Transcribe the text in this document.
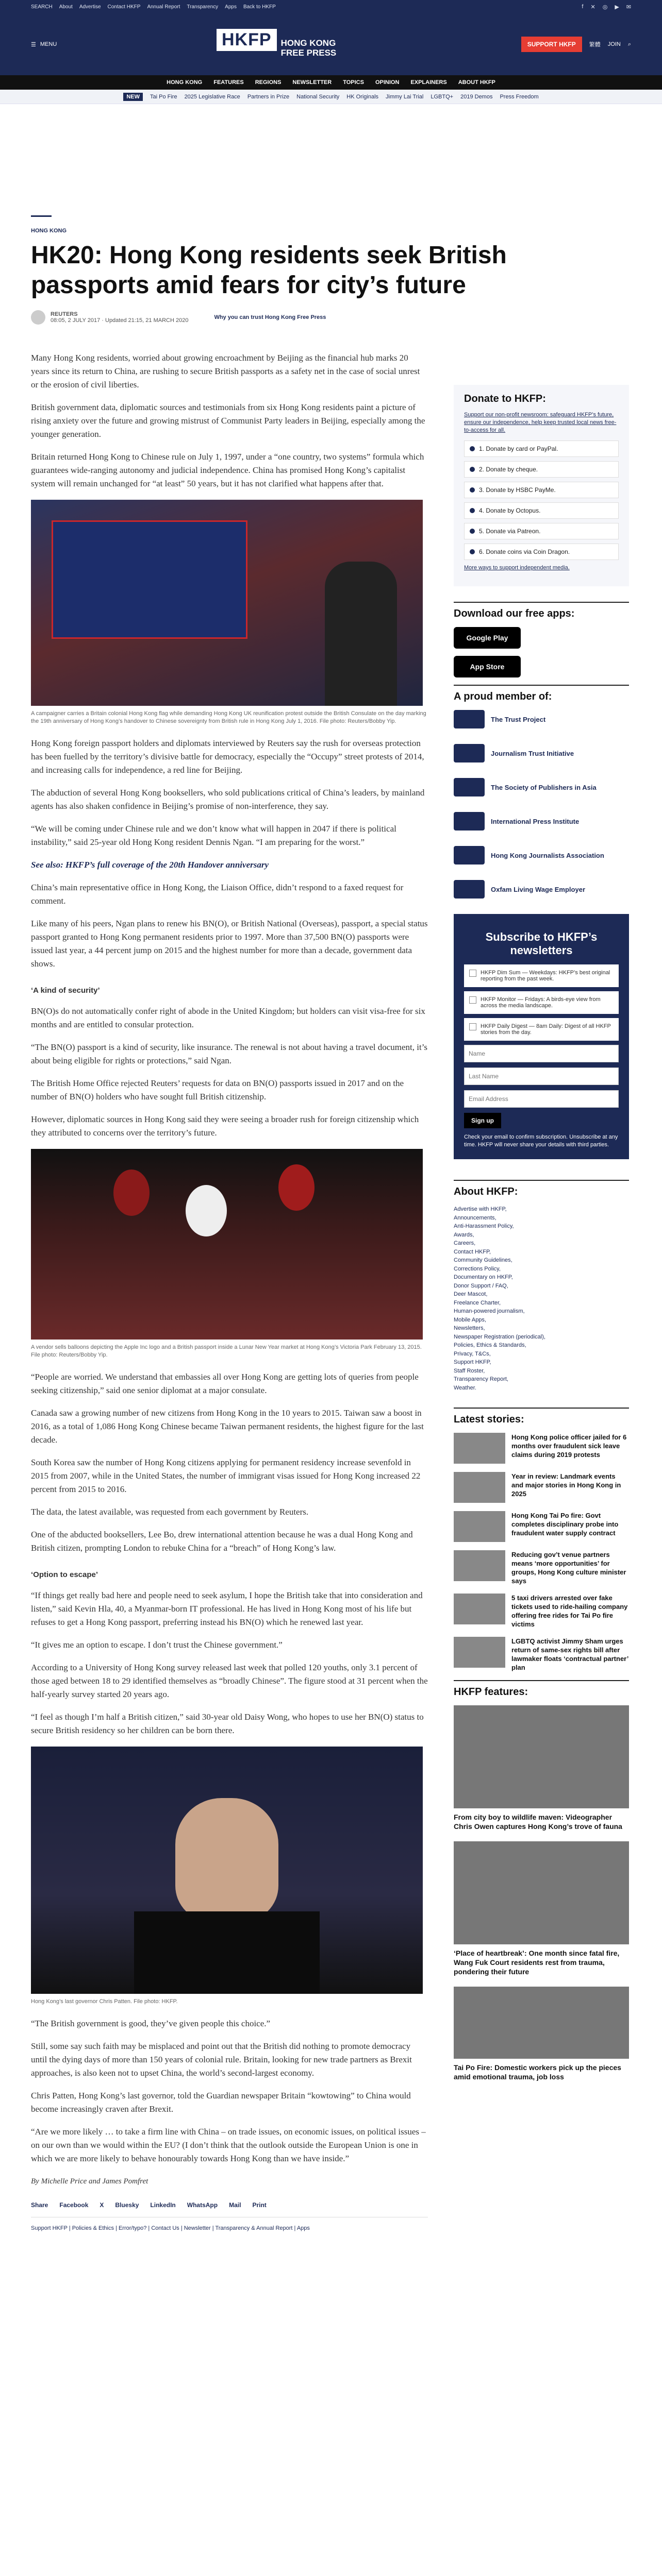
SEARCH About Advertise Contact HKFP Annual Report Transparency Apps Back to HKFP	f ✕ ◎ ▶ ✉
☰ MENU	HKFP	HONG KONG
FREE PRESS
SUPPORT HKFP	繁體 JOIN ⌕
HONG KONG FEATURES REGIONS NEWSLETTER TOPICS OPINION EXPLAINERS ABOUT HKFP
NEW	Tai Po Fire 2025 Legislative Race Partners in Prize National Security HK Originals Jimmy Lai Trial LGBTQ+ 2019 Demos Press Freedom
HONG KONG
HK20: Hong Kong residents seek British passports amid fears for city’s future
REUTERS
08:05, 2 JULY 2017 · Updated 21:15, 21 MARCH 2020	Why you can trust Hong Kong Free Press

Many Hong Kong residents, worried about growing encroachment by Beijing as the financial hub marks 20 years since its return to China, are rushing to secure British passports as a safety net in the case of social unrest or the erosion of civil liberties.

British government data, diplomatic sources and testimonials from six Hong Kong residents paint a picture of rising anxiety over the future and growing mistrust of Communist Party leaders in Beijing, especially among the younger generation.

Britain returned Hong Kong to Chinese rule on July 1, 1997, under a “one country, two systems” formula which guarantees wide-ranging autonomy and judicial independence. China has promised Hong Kong’s capitalist system will remain unchanged for “at least” 50 years, but it has not clarified what happens after that.

A campaigner carries a Britain colonial Hong Kong flag while demanding Hong Kong UK reunification protest outside the British Consulate on the day marking the 19th anniversary of Hong Kong’s handover to Chinese sovereignty from British rule in Hong Kong July 1, 2016. File photo: Reuters/Bobby Yip.

Hong Kong foreign passport holders and diplomats interviewed by Reuters say the rush for overseas protection has been fuelled by the territory’s divisive battle for democracy, especially the “Occupy” street protests of 2014, and increasing calls for independence, a red line for Beijing.

The abduction of several Hong Kong booksellers, who sold publications critical of China’s leaders, by mainland agents has also shaken confidence in Beijing’s promise of non-interference, they say.

“We will be coming under Chinese rule and we don’t know what will happen in 2047 if there is political instability,” said 25-year old Hong Kong resident Dennis Ngan. “I am preparing for the worst.”

See also: HKFP’s full coverage of the 20th Handover anniversary

China’s main representative office in Hong Kong, the Liaison Office, didn’t respond to a faxed request for comment.

Like many of his peers, Ngan plans to renew his BN(O), or British National (Overseas), passport, a special status passport granted to Hong Kong permanent residents prior to 1997. More than 37,500 BN(O) passports were issued last year, a 44 percent jump on 2015 and the highest number for more than a decade, government data shows.

‘A kind of security’

BN(O)s do not automatically confer right of abode in the United Kingdom; but holders can visit visa-free for six months and are entitled to consular protection.

“The BN(O) passport is a kind of security, like insurance. The renewal is not about having a travel document, it’s about being eligible for rights or protections,” said Ngan.

The British Home Office rejected Reuters’ requests for data on BN(O) passports issued in 2017 and on the number of BN(O) holders who have sought full British citizenship.

However, diplomatic sources in Hong Kong said they were seeing a broader rush for foreign citizenship which they attributed to concerns over the territory’s future.

A vendor sells balloons depicting the Apple Inc logo and a British passport inside a Lunar New Year market at Hong Kong’s Victoria Park February 13, 2015. File photo: Reuters/Bobby Yip.

“People are worried. We understand that embassies all over Hong Kong are getting lots of queries from people seeking citizenship,” said one senior diplomat at a major consulate.

Canada saw a growing number of new citizens from Hong Kong in the 10 years to 2015. Taiwan saw a boost in 2016, as a total of 1,086 Hong Kong Chinese became Taiwan permanent residents, the highest figure for the last decade.

South Korea saw the number of Hong Kong citizens applying for permanent residency increase sevenfold in 2015 from 2007, while in the United States, the number of immigrant visas issued for Hong Kong increased 22 percent from 2015 to 2016.

The data, the latest available, was requested from each government by Reuters.

One of the abducted booksellers, Lee Bo, drew international attention because he was a dual Hong Kong and British citizen, prompting London to rebuke China for a “breach” of Hong Kong’s law.

‘Option to escape’

“If things get really bad here and people need to seek asylum, I hope the British take that into consideration and listen,” said Kevin Hla, 40, a Myanmar-born IT professional. He has lived in Hong Kong most of his life but refuses to get a Hong Kong passport, preferring instead his BN(O) which he renewed last year.

“It gives me an option to escape. I don’t trust the Chinese government.”

According to a University of Hong Kong survey released last week that polled 120 youths, only 3.1 percent of those aged between 18 to 29 identified themselves as “broadly Chinese”. The figure stood at 31 percent when the half-yearly survey started 20 years ago.

“I feel as though I’m half a British citizen,” said 30-year old Daisy Wong, who hopes to use her BN(O) status to secure British residency so her children can be born there.

Hong Kong’s last governor Chris Patten. File photo: HKFP.

“The British government is good, they’ve given people this choice.”

Still, some say such faith may be misplaced and point out that the British did nothing to promote democracy until the dying days of more than 150 years of colonial rule. Britain, looking for new trade partners as Brexit approaches, is also keen not to upset China, the world’s second-largest economy.

Chris Patten, Hong Kong’s last governor, told the Guardian newspaper Britain “kowtowing” to China would become increasingly craven after Brexit.

“Are we more likely … to take a firm line with China – on trade issues, on economic issues, on political issues – on our own than we would within the EU? (I don’t think that the outlook outside the European Union is one in which we are more likely to behave honourably towards Hong Kong than we have inside.”

By Michelle Price and James Pomfret

Share Facebook X Bluesky LinkedIn WhatsApp Mail Print
Support HKFP | Policies & Ethics | Error/typo? | Contact Us | Newsletter | Transparency & Annual Report | Apps
Donate to HKFP:

Support our non-profit newsroom: safeguard HKFP’s future, ensure our independence, help keep trusted local news free-to-access for all.

1. Donate by card or PayPal.
2. Donate by cheque.
3. Donate by HSBC PayMe.
4. Donate by Octopus.
5. Donate via Patreon.
6. Donate coins via Coin Dragon.

More ways to support independent media.

Download our free apps:
Google Play
App Store
A proud member of:
The Trust Project
Journalism Trust Initiative
The Society of Publishers in Asia
International Press Institute
Hong Kong Journalists Association
Oxfam Living Wage Employer
Subscribe to HKFP’s newsletters
HKFP Dim Sum — Weekdays: HKFP’s best original reporting from the past week.
HKFP Monitor — Fridays: A birds-eye view from across the media landscape.
HKFP Daily Digest — 8am Daily: Digest of all HKFP stories from the day.
Name Last Name Email Address Sign up
Check your email to confirm subscription. Unsubscribe at any time. HKFP will never share your details with third parties.
About HKFP:
Advertise with HKFP,
Announcements,
Anti-Harassment Policy,
Awards,
Careers,
Contact HKFP,
Community Guidelines,
Corrections Policy,
Documentary on HKFP,
Donor Support / FAQ,
Deer Mascot,
Freelance Charter,
Human-powered journalism,
Mobile Apps,
Newsletters,
Newspaper Registration (periodical),
Policies, Ethics & Standards,
Privacy, T&Cs,
Support HKFP,
Staff Roster,
Transparency Report,
Weather.
Latest stories:
Hong Kong police officer jailed for 6 months over fraudulent sick leave claims during 2019 protests
Year in review: Landmark events and major stories in Hong Kong in 2025
Hong Kong Tai Po fire: Govt completes disciplinary probe into fraudulent water supply contract
Reducing gov’t venue partners means ‘more opportunities’ for groups, Hong Kong culture minister says
5 taxi drivers arrested over fake tickets used to ride-hailing company offering free rides for Tai Po fire victims
LGBTQ activist Jimmy Sham urges return of same-sex rights bill after lawmaker floats ‘contractual partner’ plan
HKFP features:
From city boy to wildlife maven: Videographer Chris Owen captures Hong Kong’s trove of fauna
‘Place of heartbreak’: One month since fatal fire, Wang Fuk Court residents rest from trauma, pondering their future
Tai Po Fire: Domestic workers pick up the pieces amid emotional trauma, job loss
